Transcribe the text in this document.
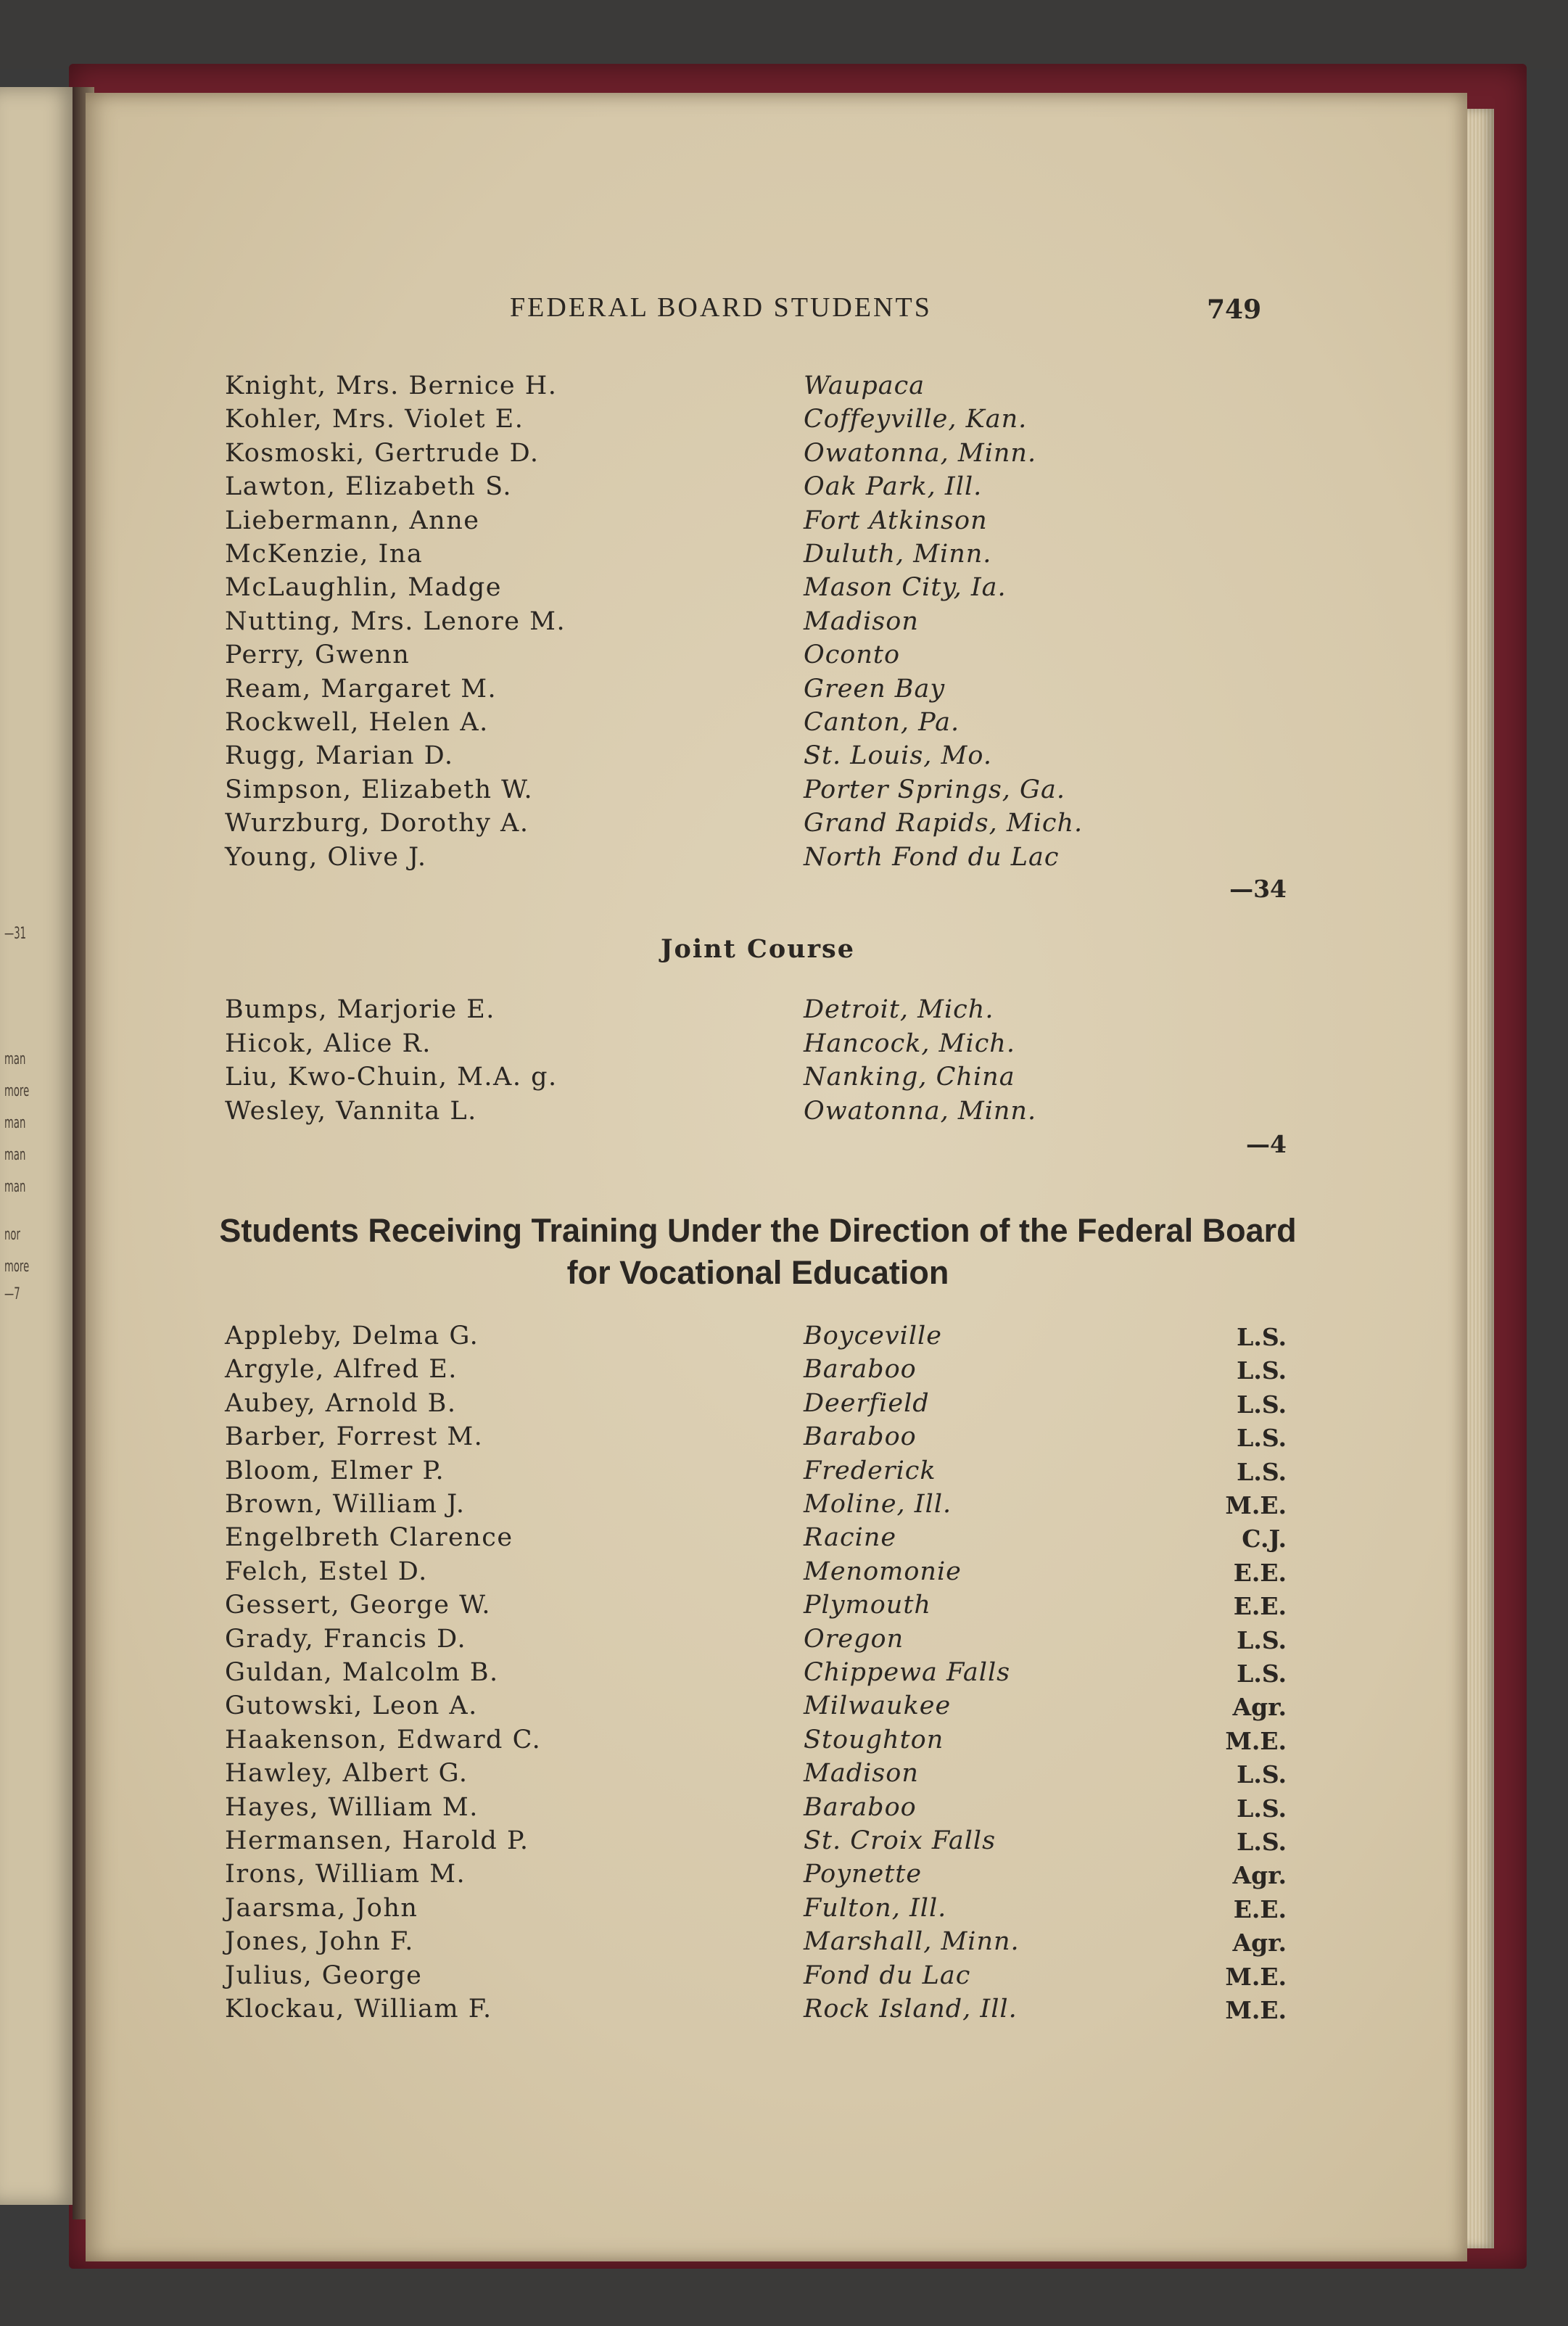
—31
man
more
man
man
man
nor
more
—7
FEDERAL BOARD STUDENTS	749
Knight, Mrs. Bernice H.	Waupaca
Kohler, Mrs. Violet E.	Coffeyville, Kan.
Kosmoski, Gertrude D.	Owatonna, Minn.
Lawton, Elizabeth S.	Oak Park, Ill.
Liebermann, Anne	Fort Atkinson
McKenzie, Ina	Duluth, Minn.
McLaughlin, Madge	Mason City, Ia.
Nutting, Mrs. Lenore M.	Madison
Perry, Gwenn	Oconto
Ream, Margaret M.	Green Bay
Rockwell, Helen A.	Canton, Pa.
Rugg, Marian D.	St. Louis, Mo.
Simpson, Elizabeth W.	Porter Springs, Ga.
Wurzburg, Dorothy A.	Grand Rapids, Mich.
Young, Olive J.	North Fond du Lac
—34
Joint Course
Bumps, Marjorie E.	Detroit, Mich.
Hicok, Alice R.	Hancock, Mich.
Liu, Kwo-Chuin, M.A. g.	Nanking, China
Wesley, Vannita L.	Owatonna, Minn.
—4
Students Receiving Training Under the Direction of the Federal Board for Vocational Education
Appleby, Delma G.	Boyceville	L.S.
Argyle, Alfred E.	Baraboo	L.S.
Aubey, Arnold B.	Deerfield	L.S.
Barber, Forrest M.	Baraboo	L.S.
Bloom, Elmer P.	Frederick	L.S.
Brown, William J.	Moline, Ill.	M.E.
Engelbreth Clarence	Racine	C.J.
Felch, Estel D.	Menomonie	E.E.
Gessert, George W.	Plymouth	E.E.
Grady, Francis D.	Oregon	L.S.
Guldan, Malcolm B.	Chippewa Falls	L.S.
Gutowski, Leon A.	Milwaukee	Agr.
Haakenson, Edward C.	Stoughton	M.E.
Hawley, Albert G.	Madison	L.S.
Hayes, William M.	Baraboo	L.S.
Hermansen, Harold P.	St. Croix Falls	L.S.
Irons, William M.	Poynette	Agr.
Jaarsma, John	Fulton, Ill.	E.E.
Jones, John F.	Marshall, Minn.	Agr.
Julius, George	Fond du Lac	M.E.
Klockau, William F.	Rock Island, Ill.	M.E.
